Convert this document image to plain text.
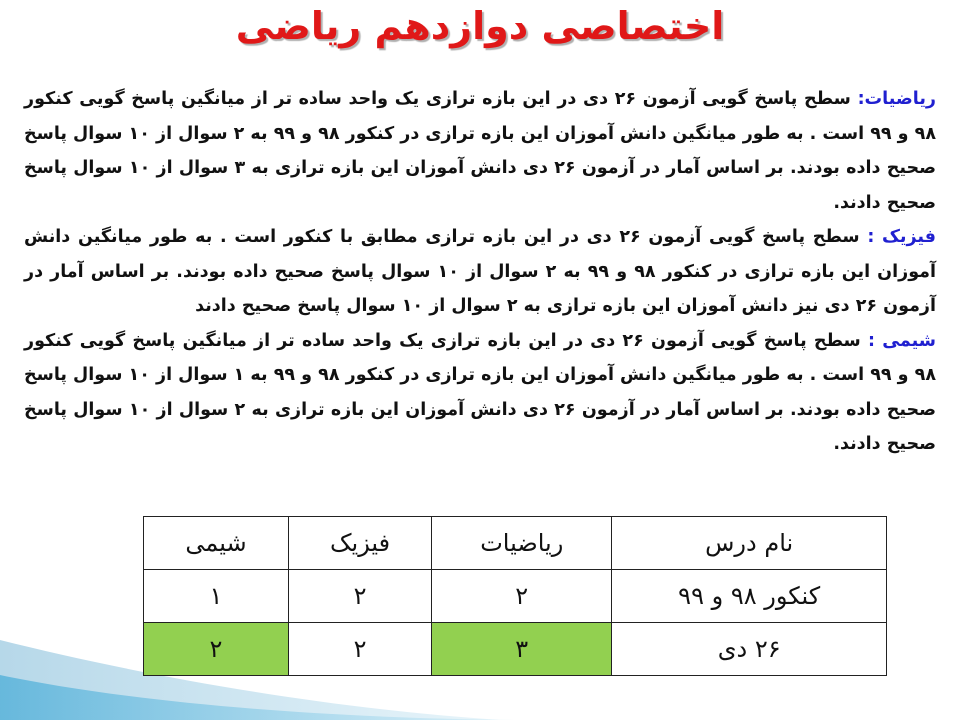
اختصاصی دوازدهم ریاضی

ریاضیات: سطح پاسخ گویی آزمون ۲۶ دی در این بازه ترازی یک واحد ساده تر از میانگین پاسخ گویی کنکور ۹۸ و ۹۹ است . به طور میانگین دانش آموزان این بازه ترازی در کنکور ۹۸ و ۹۹ به ۲ سوال از ۱۰ سوال پاسخ صحیح داده بودند. بر اساس آمار در آزمون ۲۶ دی دانش آموزان این بازه ترازی به ۳ سوال از ۱۰ سوال پاسخ صحیح دادند.

فیزیک : سطح پاسخ گویی آزمون ۲۶ دی در این بازه ترازی مطابق با کنکور است . به طور میانگین دانش آموزان این بازه ترازی در کنکور ۹۸ و ۹۹ به ۲ سوال از ۱۰ سوال پاسخ صحیح داده بودند. بر اساس آمار در آزمون ۲۶ دی نیز دانش آموزان این بازه ترازی به ۲ سوال از ۱۰ سوال پاسخ صحیح دادند

شیمی : سطح پاسخ گویی آزمون ۲۶ دی در این بازه ترازی یک واحد ساده تر از میانگین پاسخ گویی کنکور ۹۸ و ۹۹ است . به طور میانگین دانش آموزان این بازه ترازی در کنکور ۹۸ و ۹۹ به ۱ سوال از ۱۰ سوال پاسخ صحیح داده بودند. بر اساس آمار در آزمون ۲۶ دی دانش آموزان این بازه ترازی به ۲ سوال از ۱۰ سوال پاسخ صحیح دادند.

نام درس	ریاضیات	فیزیک	شیمی
کنکور ۹۸ و ۹۹	۲	۲	۱
۲۶ دی	۳	۲	۲
